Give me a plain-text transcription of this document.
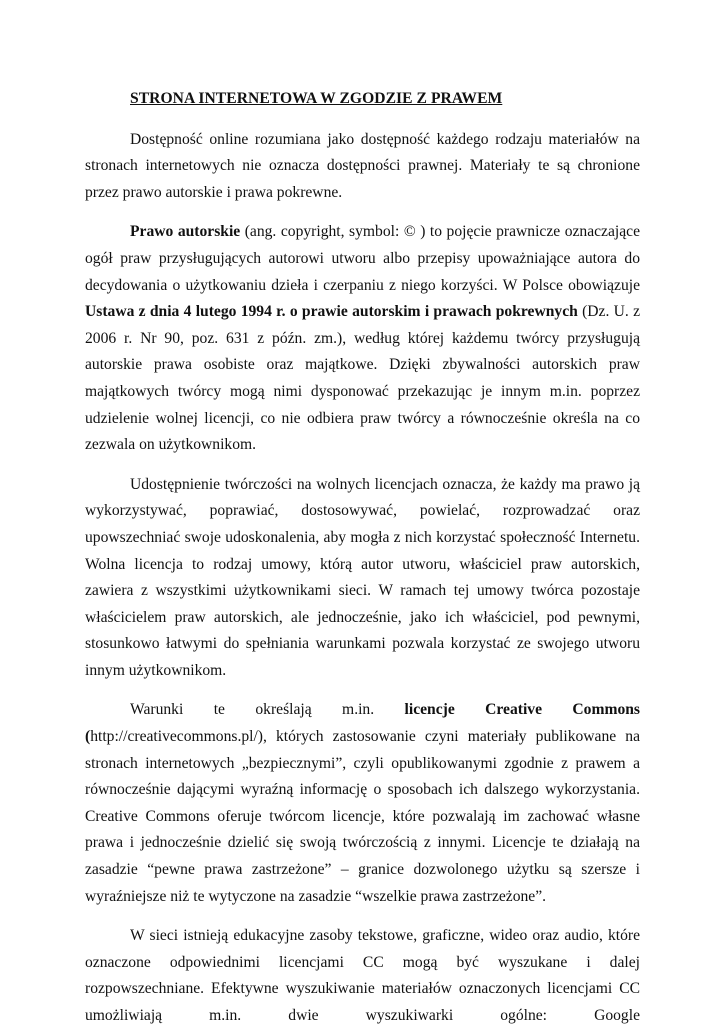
STRONA INTERNETOWA W ZGODZIE Z PRAWEM

Dostępność online rozumiana jako dostępność każdego rodzaju materiałów na stronach internetowych nie oznacza dostępności prawnej. Materiały te są chronione przez prawo autorskie i prawa pokrewne.

Prawo autorskie (ang. copyright, symbol: © ) to pojęcie prawnicze oznaczające ogół praw przysługujących autorowi utworu albo przepisy upoważniające autora do decydowania o użytkowaniu dzieła i czerpaniu z niego korzyści. W Polsce obowiązuje Ustawa z dnia 4 lutego 1994 r. o prawie autorskim i prawach pokrewnych (Dz. U. z 2006 r. Nr 90, poz. 631 z późn. zm.), według której każdemu twórcy przysługują autorskie prawa osobiste oraz majątkowe. Dzięki zbywalności autorskich praw majątkowych twórcy mogą nimi dysponować przekazując je innym m.in. poprzez udzielenie wolnej licencji, co nie odbiera praw twórcy a równocześnie określa na co zezwala on użytkownikom.

Udostępnienie twórczości na wolnych licencjach oznacza, że każdy ma prawo ją wykorzystywać, poprawiać, dostosowywać, powielać, rozprowadzać oraz upowszechniać swoje udoskonalenia, aby mogła z nich korzystać społeczność Internetu. Wolna licencja to rodzaj umowy, którą autor utworu, właściciel praw autorskich, zawiera z wszystkimi użytkownikami sieci. W ramach tej umowy twórca pozostaje właścicielem praw autorskich, ale jednocześnie, jako ich właściciel, pod pewnymi, stosunkowo łatwymi do spełniania warunkami pozwala korzystać ze swojego utworu innym użytkownikom.

Warunki te określają m.in. licencje Creative Commons (http://creativecommons.pl/), których zastosowanie czyni materiały publikowane na stronach internetowych „bezpiecznymi”, czyli opublikowanymi zgodnie z prawem a równocześnie dającymi wyraźną informację o sposobach ich dalszego wykorzystania. Creative Commons oferuje twórcom licencje, które pozwalają im zachować własne prawa i jednocześnie dzielić się swoją twórczością z innymi. Licencje te działają na zasadzie “pewne prawa zastrzeżone” – granice dozwolonego użytku są szersze i wyraźniejsze niż te wytyczone na zasadzie “wszelkie prawa zastrzeżone”.

W sieci istnieją edukacyjne zasoby tekstowe, graficzne, wideo oraz audio, które oznaczone odpowiednimi licencjami CC mogą być wyszukane i dalej rozpowszechniane. Efektywne wyszukiwanie materiałów oznaczonych licencjami CC umożliwiają m.in. dwie wyszukiwarki ogólne: Google
